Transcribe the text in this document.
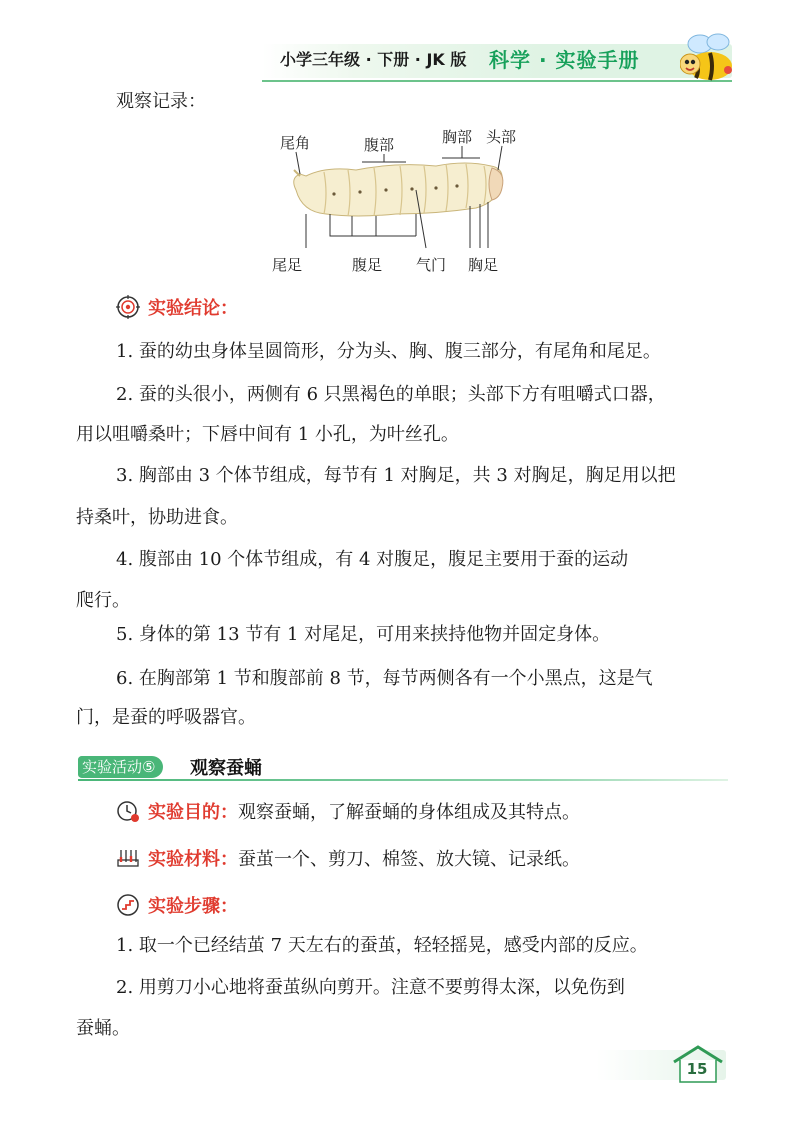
小学三年级 · 下册 · JK 版 科学 · 实验手册
观察记录：
尾角	腹部	胸部 头部
尾足	腹足 气门 胸足
实验结论：
1. 蚕的幼虫身体呈圆筒形，分为头、胸、腹三部分，有尾角和尾足。
2. 蚕的头很小，两侧有 6 只黑褐色的单眼；头部下方有咀嚼式口器，
用以咀嚼桑叶；下唇中间有 1 小孔，为叶丝孔。
3. 胸部由 3 个体节组成，每节有 1 对胸足，共 3 对胸足，胸足用以把
持桑叶，协助进食。
4. 腹部由 10 个体节组成，有 4 对腹足，腹足主要用于蚕的运动
爬行。
5. 身体的第 13 节有 1 对尾足，可用来挟持他物并固定身体。
6. 在胸部第 1 节和腹部前 8 节，每节两侧各有一个小黑点，这是气
门，是蚕的呼吸器官。
实验活动⑤	观察蚕蛹
实验目的： 观察蚕蛹，了解蚕蛹的身体组成及其特点。
实验材料： 蚕茧一个、剪刀、棉签、放大镜、记录纸。
实验步骤：
1. 取一个已经结茧 7 天左右的蚕茧，轻轻摇晃，感受内部的反应。
2. 用剪刀小心地将蚕茧纵向剪开。注意不要剪得太深，以免伤到
蚕蛹。
15
